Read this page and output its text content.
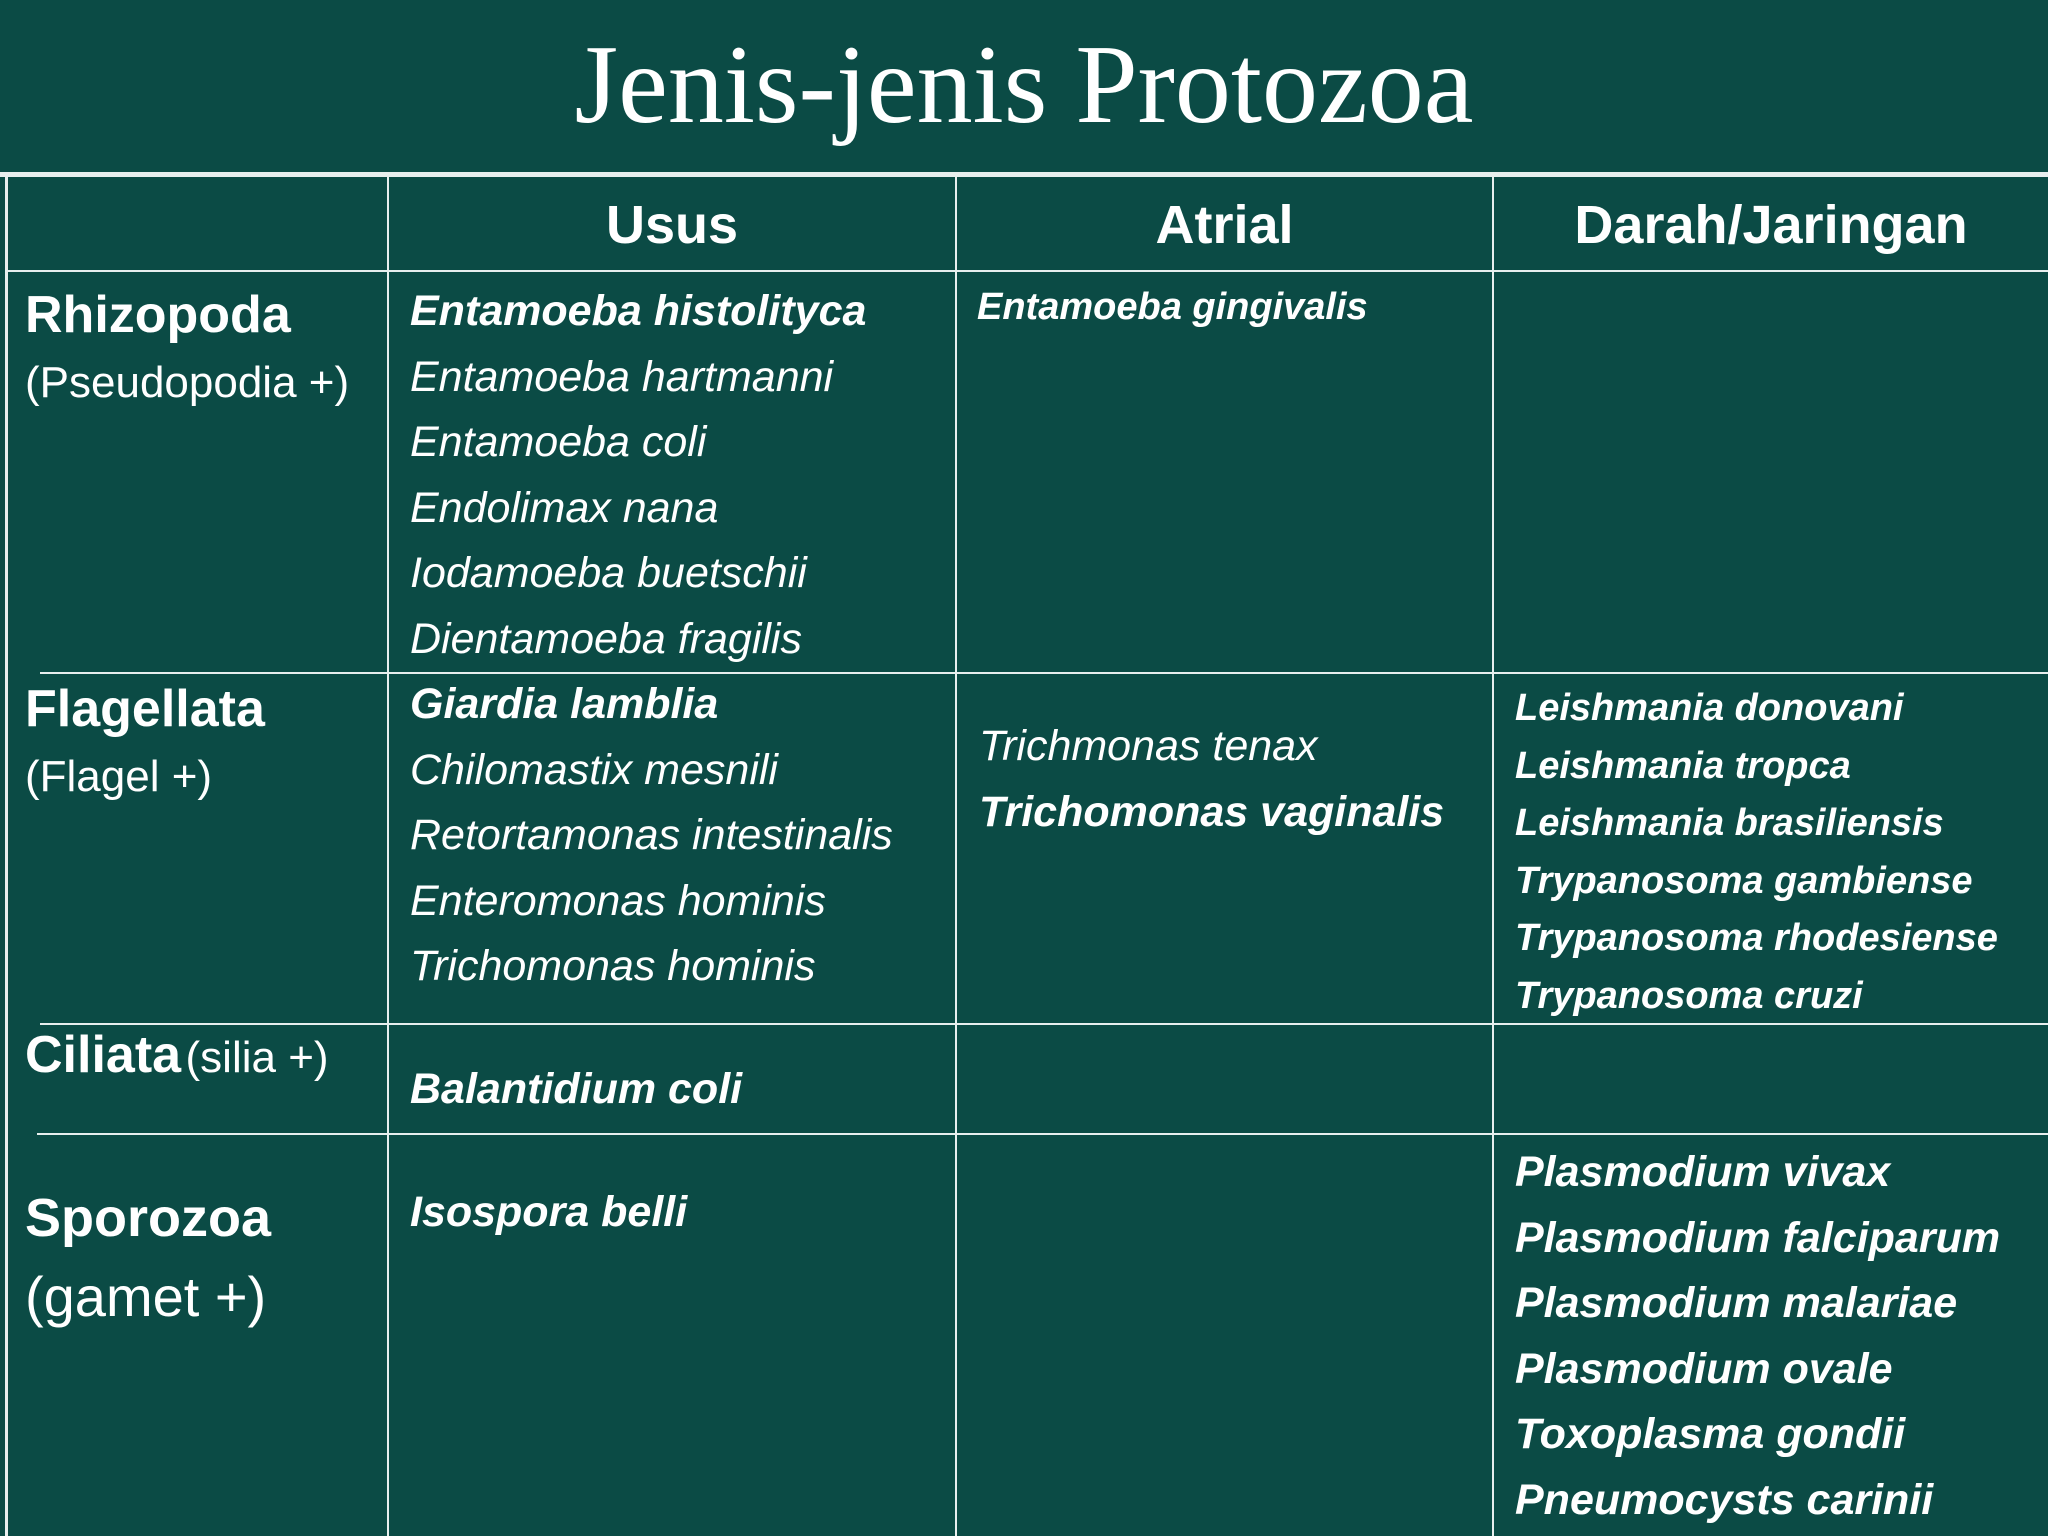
Jenis-jenis Protozoa
Usus	Atrial	Darah/Jaringan
Rhizopoda
(Pseudopodia +)
Entamoeba histolityca
Entamoeba hartmanni
Entamoeba coli
Endolimax nana
Iodamoeba buetschii
Dientamoeba fragilis
Entamoeba gingivalis
Flagellata
(Flagel +)
Giardia lamblia
Chilomastix mesnili
Retortamonas intestinalis
Enteromonas hominis
Trichomonas hominis
Trichmonas tenax
Trichomonas vaginalis
Leishmania donovani
Leishmania tropca
Leishmania brasiliensis
Trypanosoma gambiense
Trypanosoma rhodesiense
Trypanosoma cruzi
Ciliata (silia +)
Balantidium coli
Sporozoa
(gamet +)
Isospora belli
Plasmodium vivax
Plasmodium falciparum
Plasmodium malariae
Plasmodium ovale
Toxoplasma gondii
Pneumocysts carinii
